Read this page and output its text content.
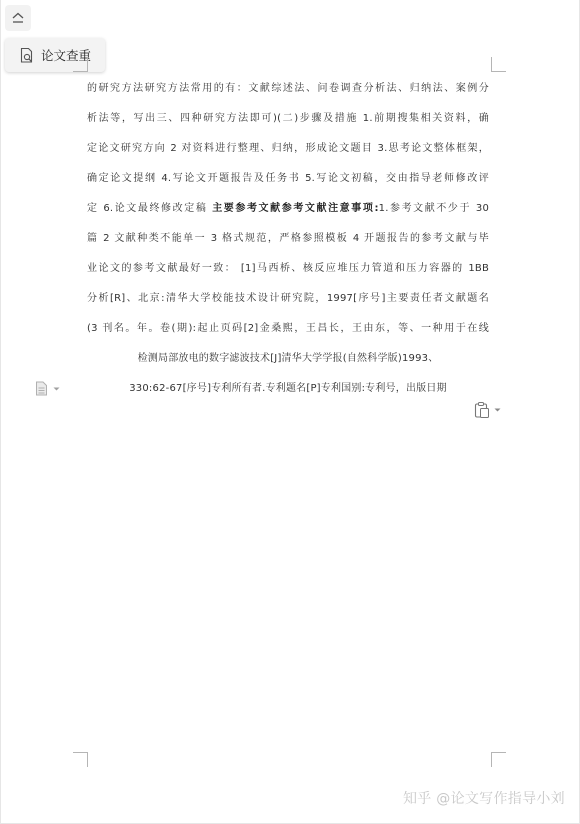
论文查重
的研究方法研究方法常用的有：文献综述法、问卷调查分析法、归纳法、案例分
析法等，写出三、四种研究方法即可)(二)步骤及措施 1.前期搜集相关资料，确
定论文研究方向 2 对资料进行整理、归纳，形成论文题目 3.思考论文整体框架，
确定论文提纲 4.写论文开题报告及任务书 5.写论文初稿，交由指导老师修改评
定 6.论文最终修改定稿 主要参考文献参考文献注意事项:1.参考文献不少于 30
篇 2 文献种类不能单一 3 格式规范，严格参照模板 4 开题报告的参考文献与毕
业论文的参考文献最好一致： [1]马西桥、核反应堆压力管道和压力容器的 1BB
分析[R]、北京:清华大学校能技术设计研究院，1997[序号]主要责任者文献题名
(3 刊名。年。卷(期):起止页码[2]金桑熙，王昌长，王由东，等、一种用于在线
检测局部放电的数字滤波技术[J]清华大学学报(自然科学版)1993、
330:62-67[序号]专利所有者.专利题名[P]专利国别:专利号，出版日期
知乎 @论文写作指导小刘
